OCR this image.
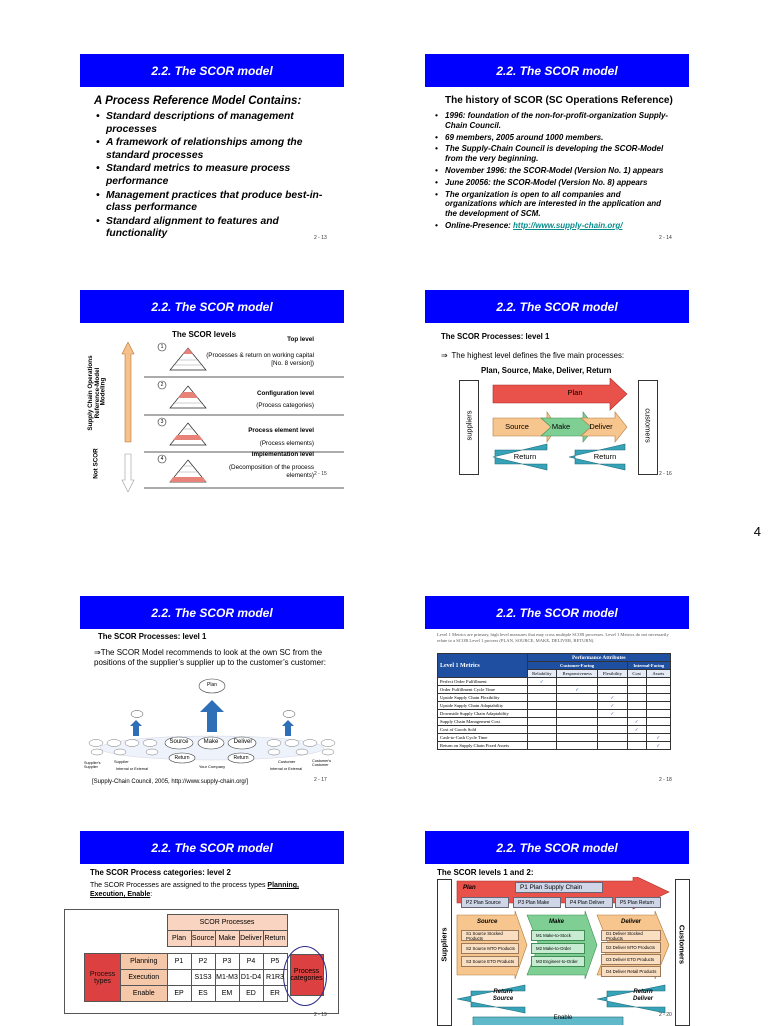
4
2.2. The SCOR model
A Process Reference Model Contains:
• Standard descriptions of management processes
• A framework of relationships among the standard processes
• Standard metrics to measure process performance
• Management practices that produce best-in-class performance
• Standard alignment to features and functionality	2 - 13
2.2. The SCOR model
The history of SCOR (SC Operations Reference)
• 1996: foundation of the non-for-profit-organization Supply-Chain Council.
• 69 members, 2005 around 1000 members.
• The Supply-Chain Council is developing the SCOR-Model from the very beginning.
• November 1996: the SCOR-Model (Version No. 1) appears
• June 20056: the SCOR-Model (Version No. 8) appears
• The organization is open to all companies and organizations which are interested in the application and the development of SCM.
• Online-Presence: http://www.supply-chain.org/
2 - 14
2.2. The SCOR model
The SCOR levels
Supply Chain Operations Reference-Model
Modeling
Not SCOR
1
2
3
4
Top level
(Processes & return on working capital [No. 8 version])
Configuration level
(Process categories)
Process element level
(Process elements)
Implementation level
(Decomposition of the process elements) 2 - 15
2.2. The SCOR model
The SCOR Processes: level 1
⇒ The highest level defines the five main processes:
Plan, Source, Make, Deliver, Return
suppliers	customers
Plan
Source	Make	Deliver
Return	Return
2 - 16
2.2. The SCOR model
The SCOR Processes: level 1
⇒The SCOR Model recommends to look at the own SC from the positions of the supplier’s supplier up to the customer’s customer:
Plan
Source	Make	Deliver
Return	Return
Your Company
Supplier's Supplier
Supplier
Internal or External
Customer
Internal or External
Customer's Customer
[Supply-Chain Council, 2005, http://www.supply-chain.org/]	2 - 17
2.2. The SCOR model
Level 1 Metrics are primary, high level measures that may cross multiple SCOR processes. Level 1 Metrics do not necessarily relate to a SCOR Level 1 process (PLAN, SOURCE, MAKE, DELIVER, RETURN).
Level 1 Metrics	Performance Attributes				
	Customer-Facing			Internal-Facing	
	Reliability	Responsiveness	Flexibility	Cost	Assets
Perfect Order Fulfillment	✓				
Order Fulfillment Cycle Time		✓			
Upside Supply Chain Flexibility			✓		
Upside Supply Chain Adaptability			✓		
Downside Supply Chain Adaptability			✓		
Supply Chain Management Cost				✓	
Cost of Goods Sold				✓	
Cash-to-Cash Cycle Time					✓
Return on Supply Chain Fixed Assets					✓
2 - 18
2.2. The SCOR model
The SCOR Process categories: level 2
The SCOR Processes are assigned to the process types Planning, Execution, Enable:
		SCOR Processes					
		Plan	Source	Make	Deliver	Return	

Process types	Planning	P1	P2	P3	P4	P5	Process categories

	Execution		S1S3	M1-M3	D1-D4	R1R3	
	Enable	EP	ES	EM	ED	ER	
2 - 19
2.2. The SCOR model
The SCOR levels 1 and 2:
Suppliers	Customers
Plan	P1 Plan Supply Chain
P2 Plan Source	P3 Plan Make	P4 Plan Deliver	P5 Plan Return
Source	Make	Deliver
S1 Source Stocked Products
S2 Source MTO Products
S3 Source ETO Products
M1 Make-to-Stock
M2 Make-to-Order
M3 Engineer-to-Order
D1 Deliver Stocked Products
D2 Deliver MTO Products
D3 Deliver ETO Products
D4 Deliver Retail Products
Return Source
Return Deliver
Enable	2 - 20
